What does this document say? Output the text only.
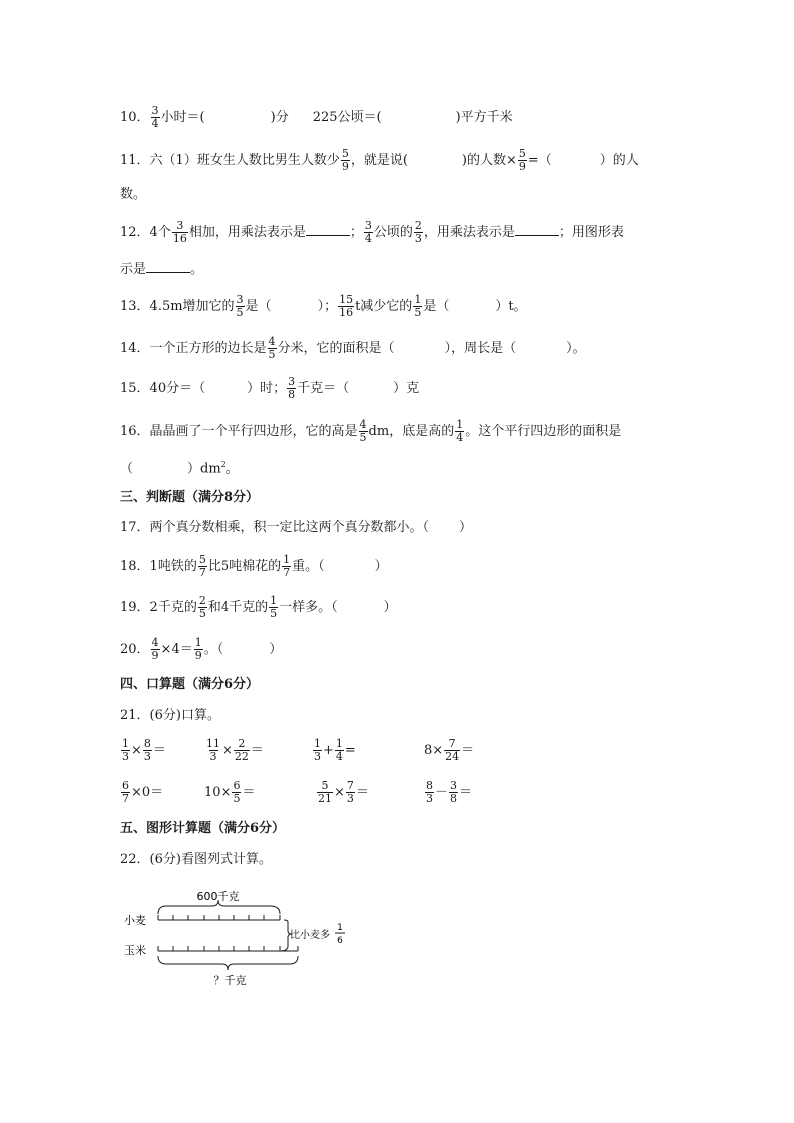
10． $\frac{3}{4}$ 小时＝(	)分 225公顷＝(	)平方千米
11．六（1）班女生人数比男生人数少 $\frac{5}{9}$ ，就是说(	)的人数× $\frac{5}{9}$ =（	）的人
数。
12．4个 $\frac{3}{16}$ 相加，用乘法表示是	； $\frac{3}{4}$ 公顷的 $\frac{2}{3}$ ，用乘法表示是	；用图形表
示是	。
13．4.5m增加它的 $\frac{3}{5}$ 是（	）； $\frac{15}{16}$ t减少它的 $\frac{1}{5}$ 是（	）t。
14．一个正方形的边长是 $\frac{4}{5}$ 分米，它的面积是（	），周长是（	）。
15．40分＝（	）时； $\frac{3}{8}$ 千克＝（	）克
16．晶晶画了一个平行四边形，它的高是 $\frac{4}{5}$ dm，底是高的 $\frac{1}{4}$ 。这个平行四边形的面积是
（	）$dm^2$。
三、判断题（满分8分）
17．两个真分数相乘，积一定比这两个真分数都小。（ ）
18．1吨铁的 $\frac{5}{7}$ 比5吨棉花的 $\frac{1}{7}$ 重。（	）
19．2千克的 $\frac{2}{5}$ 和4千克的 $\frac{1}{5}$ 一样多。（	）
20． $\frac{4}{9} \times 4= \frac{1}{9}$ 。（	）
四、口算题（满分6分）
21．(6分)口算。
$\frac{1}{3} \times \frac{8}{3}$ ＝	$\frac{11}{3} \times \frac{2}{22}$ ＝	$\frac{1}{3} + \frac{1}{4}$ =	$8\times \frac{7}{24}$ ＝
$\frac{6}{7} \times 0=$	$10\times \frac{6}{5}$ ＝	$\frac{5}{21} \times \frac{7}{3}$ ＝	$\frac{8}{3} - \frac{3}{8}$ ＝
五、图形计算题（满分6分）
22．(6分)看图列式计算。
600千克
小麦
玉米
比小麦多
1
6
？千克
